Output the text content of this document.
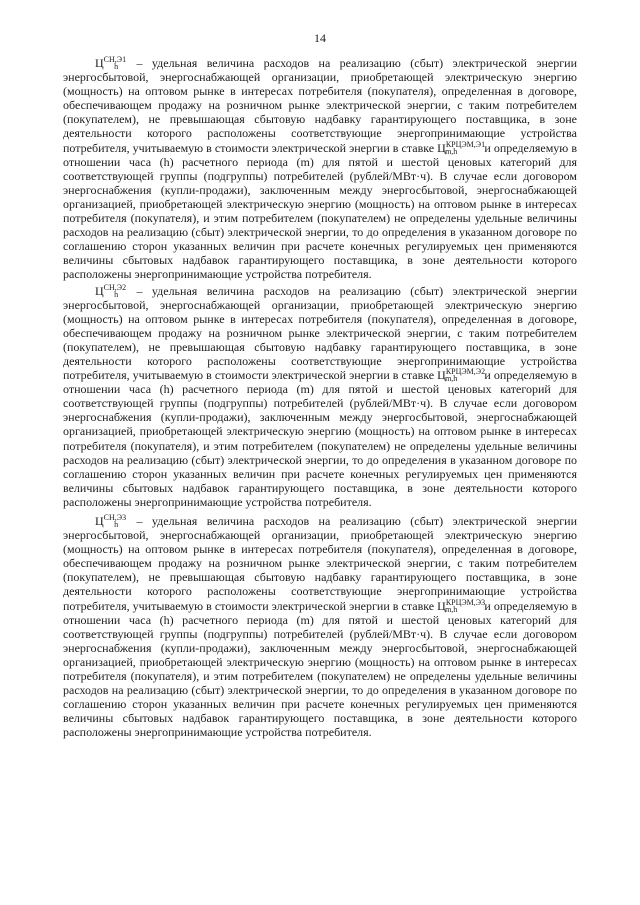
14

$Ц^{СН,Э1}_h$ – удельная величина расходов на реализацию (сбыт) электрической энергии энергосбытовой, энергоснабжающей организации, приобретающей электрическую энергию (мощность) на оптовом рынке в интересах потребителя (покупателя), определенная в договоре, обеспечивающем продажу на розничном рынке электрической энергии, с таким потребителем (покупателем), не превышающая сбытовую надбавку гарантирующего поставщика, в зоне деятельности которого расположены соответствующие энергопринимающие устройства потребителя, учитываемую в стоимости электрической энергии в ставке $Ц^{КРЦЭМ,Э1}_{m,h}$ и определяемую в отношении часа (h) расчетного периода (m) для пятой и шестой ценовых категорий для соответствующей группы (подгруппы) потребителей (рублей/МВт·ч). В случае если договором энергоснабжения (купли-продажи), заключенным между энергосбытовой, энергоснабжающей организацией, приобретающей электрическую энергию (мощность) на оптовом рынке в интересах потребителя (покупателя), и этим потребителем (покупателем) не определены удельные величины расходов на реализацию (сбыт) электрической энергии, то до определения в указанном договоре по соглашению сторон указанных величин при расчете конечных регулируемых цен применяются величины сбытовых надбавок гарантирующего поставщика, в зоне деятельности которого расположены энергопринимающие устройства потребителя.

$Ц^{СН,Э2}_h$ – удельная величина расходов на реализацию (сбыт) электрической энергии энергосбытовой, энергоснабжающей организации, приобретающей электрическую энергию (мощность) на оптовом рынке в интересах потребителя (покупателя), определенная в договоре, обеспечивающем продажу на розничном рынке электрической энергии, с таким потребителем (покупателем), не превышающая сбытовую надбавку гарантирующего поставщика, в зоне деятельности которого расположены соответствующие энергопринимающие устройства потребителя, учитываемую в стоимости электрической энергии в ставке $Ц^{КРЦЭМ,Э2}_{m,h}$ и определяемую в отношении часа (h) расчетного периода (m) для пятой и шестой ценовых категорий для соответствующей группы (подгруппы) потребителей (рублей/МВт·ч). В случае если договором энергоснабжения (купли-продажи), заключенным между энергосбытовой, энергоснабжающей организацией, приобретающей электрическую энергию (мощность) на оптовом рынке в интересах потребителя (покупателя), и этим потребителем (покупателем) не определены удельные величины расходов на реализацию (сбыт) электрической энергии, то до определения в указанном договоре по соглашению сторон указанных величин при расчете конечных регулируемых цен применяются величины сбытовых надбавок гарантирующего поставщика, в зоне деятельности которого расположены энергопринимающие устройства потребителя.

$Ц^{СН,Э3}_h$ – удельная величина расходов на реализацию (сбыт) электрической энергии энергосбытовой, энергоснабжающей организации, приобретающей электрическую энергию (мощность) на оптовом рынке в интересах потребителя (покупателя), определенная в договоре, обеспечивающем продажу на розничном рынке электрической энергии, с таким потребителем (покупателем), не превышающая сбытовую надбавку гарантирующего поставщика, в зоне деятельности которого расположены соответствующие энергопринимающие устройства потребителя, учитываемую в стоимости электрической энергии в ставке $Ц^{КРЦЭМ,Э3}_{m,h}$ и определяемую в отношении часа (h) расчетного периода (m) для пятой и шестой ценовых категорий для соответствующей группы (подгруппы) потребителей (рублей/МВт·ч). В случае если договором энергоснабжения (купли-продажи), заключенным между энергосбытовой, энергоснабжающей организацией, приобретающей электрическую энергию (мощность) на оптовом рынке в интересах потребителя (покупателя), и этим потребителем (покупателем) не определены удельные величины расходов на реализацию (сбыт) электрической энергии, то до определения в указанном договоре по соглашению сторон указанных величин при расчете конечных регулируемых цен применяются величины сбытовых надбавок гарантирующего поставщика, в зоне деятельности которого расположены энергопринимающие устройства потребителя.
